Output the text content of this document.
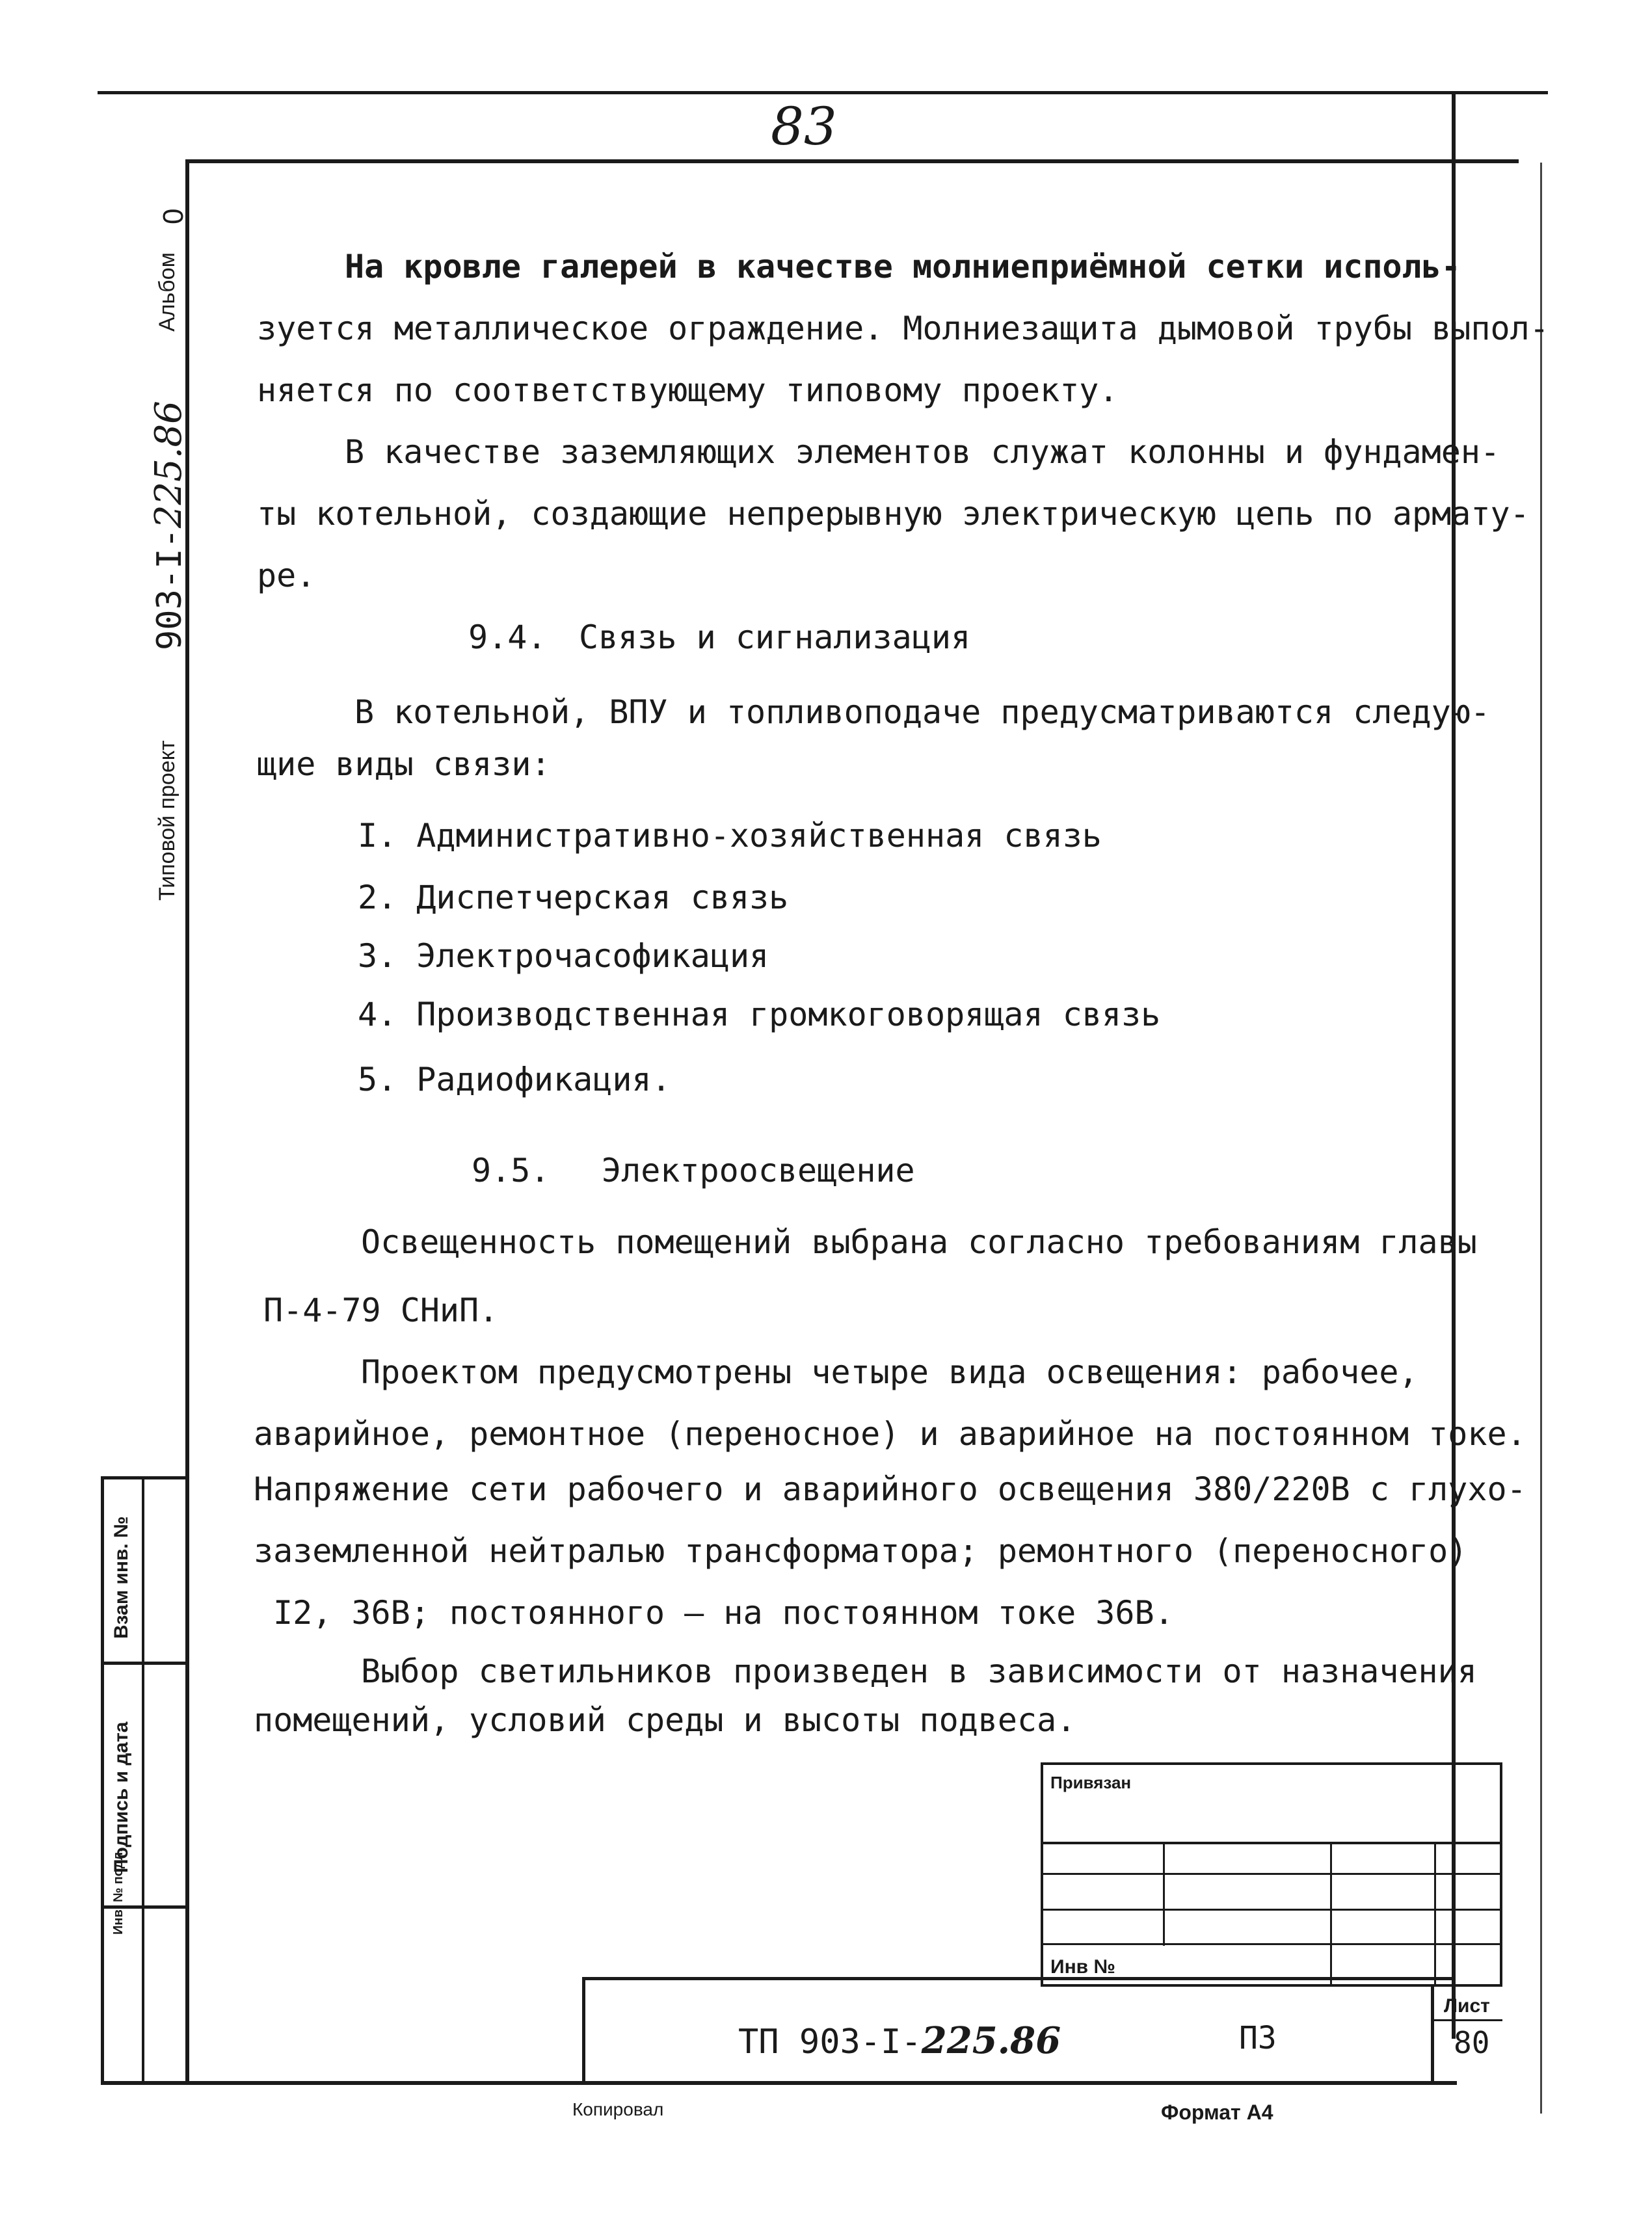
83
Альбом
0
903-I-225.86
Типовой проект
Взам инв. №
Подпись и дата
Инв. № подл.
На кровле галерей в качестве молниеприёмной сетки исполь-
зуется металлическое ограждение. Молниезащита дымовой трубы выпол-
няется по соответствующему типовому проекту.
В качестве заземляющих элементов служат колонны и фундамен-
ты котельной, создающие непрерывную электрическую цепь по армату-
ре.
9.4. Связь и сигнализация
В котельной, ВПУ и топливоподаче предусматриваются следую-
щие виды связи:
I. Административно-хозяйственная связь
2. Диспетчерская связь
3. Электрочасофикация
4. Производственная громкоговорящая связь
5. Радиофикация.
9.5. Электроосвещение
Освещенность помещений выбрана согласно требованиям главы
П-4-79 СНиП.
Проектом предусмотрены четыре вида освещения: рабочее,
аварийное, ремонтное (переносное) и аварийное на постоянном токе.
Напряжение сети рабочего и аварийного освещения 380/220В с глухо-
заземленной нейтралью трансформатора; ремонтного (переносного)
I2, 36В; постоянного – на постоянном токе 36В.
Выбор светильников произведен в зависимости от назначения
помещений, условий среды и высоты подвеса.
Привязан
Инв №
ТП 903-I-225.86	ПЗ
Лист
80
Копировал	Формат А4
